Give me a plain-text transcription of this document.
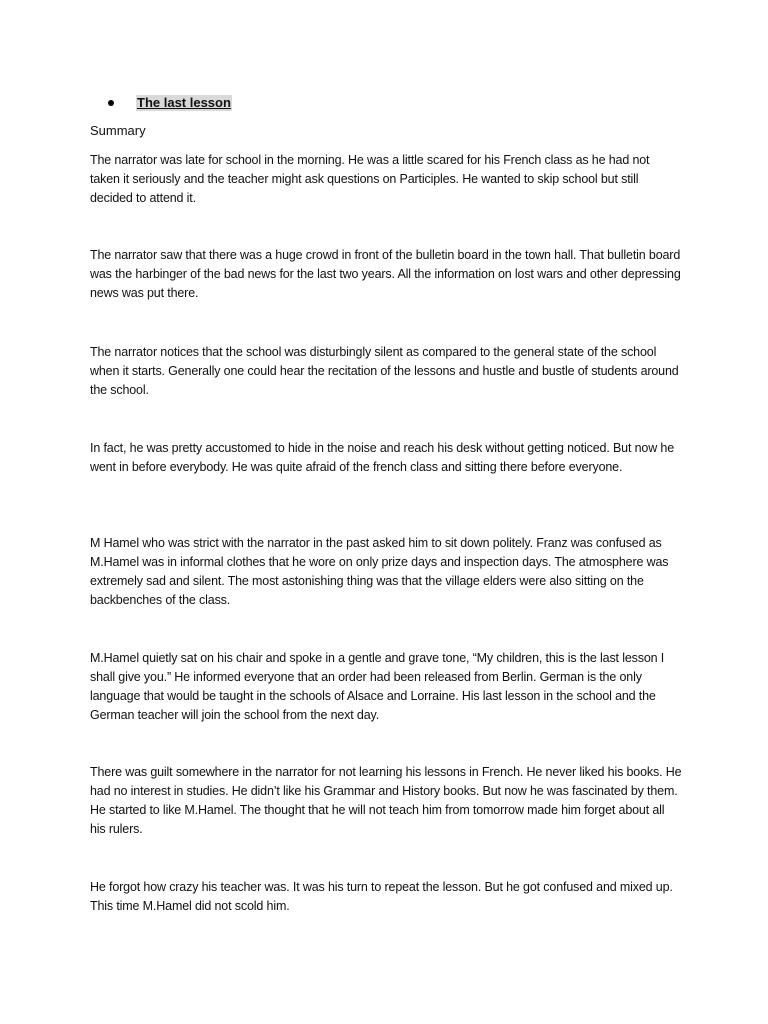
The last lesson
Summary

The narrator was late for school in the morning. He was a little scared for his French class as he had not taken it seriously and the teacher might ask questions on Participles. He wanted to skip school but still decided to attend it.

The narrator saw that there was a huge crowd in front of the bulletin board in the town hall. That bulletin board was the harbinger of the bad news for the last two years. All the information on lost wars and other depressing news was put there.

The narrator notices that the school was disturbingly silent as compared to the general state of the school when it starts. Generally one could hear the recitation of the lessons and hustle and bustle of students around the school.

In fact, he was pretty accustomed to hide in the noise and reach his desk without getting noticed. But now he went in before everybody. He was quite afraid of the french class and sitting there before everyone.

M Hamel who was strict with the narrator in the past asked him to sit down politely. Franz was confused as M.Hamel was in informal clothes that he wore on only prize days and inspection days. The atmosphere was extremely sad and silent. The most astonishing thing was that the village elders were also sitting on the backbenches of the class.

M.Hamel quietly sat on his chair and spoke in a gentle and grave tone, “My children, this is the last lesson I shall give you.” He informed everyone that an order had been released from Berlin. German is the only language that would be taught in the schools of Alsace and Lorraine. His last lesson in the school and the German teacher will join the school from the next day.

There was guilt somewhere in the narrator for not learning his lessons in French. He never liked his books. He had no interest in studies. He didn’t like his Grammar and History books. But now he was fascinated by them. He started to like M.Hamel. The thought that he will not teach him from tomorrow made him forget about all his rulers.

He forgot how crazy his teacher was. It was his turn to repeat the lesson. But he got confused and mixed up. This time M.Hamel did not scold him.
